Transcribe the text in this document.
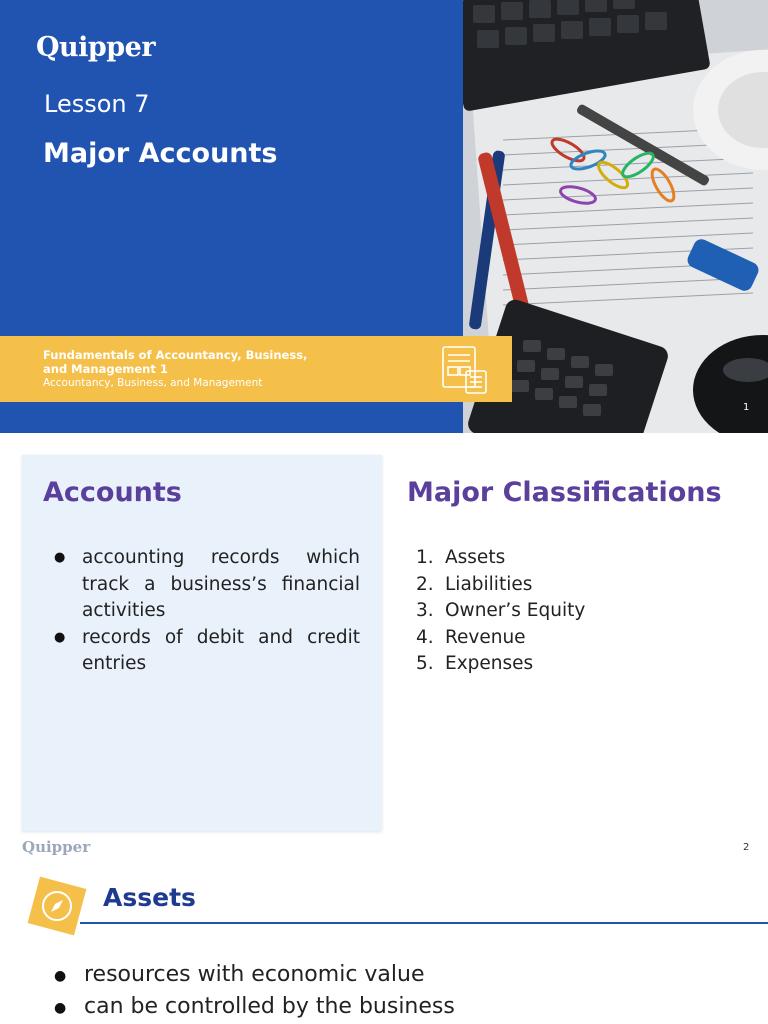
Quipper
Lesson 7
Major Accounts
Fundamentals of Accountancy, Business,
and Management 1
Accountancy, Business, and Management
1
Accounts
● accounting records which track a business’s financial activities
● records of debit and credit entries
Major Classifications
1. Assets
2. Liabilities
3. Owner’s Equity
4. Revenue
5. Expenses
Quipper	2
Assets
● resources with economic value
● can be controlled by the business
